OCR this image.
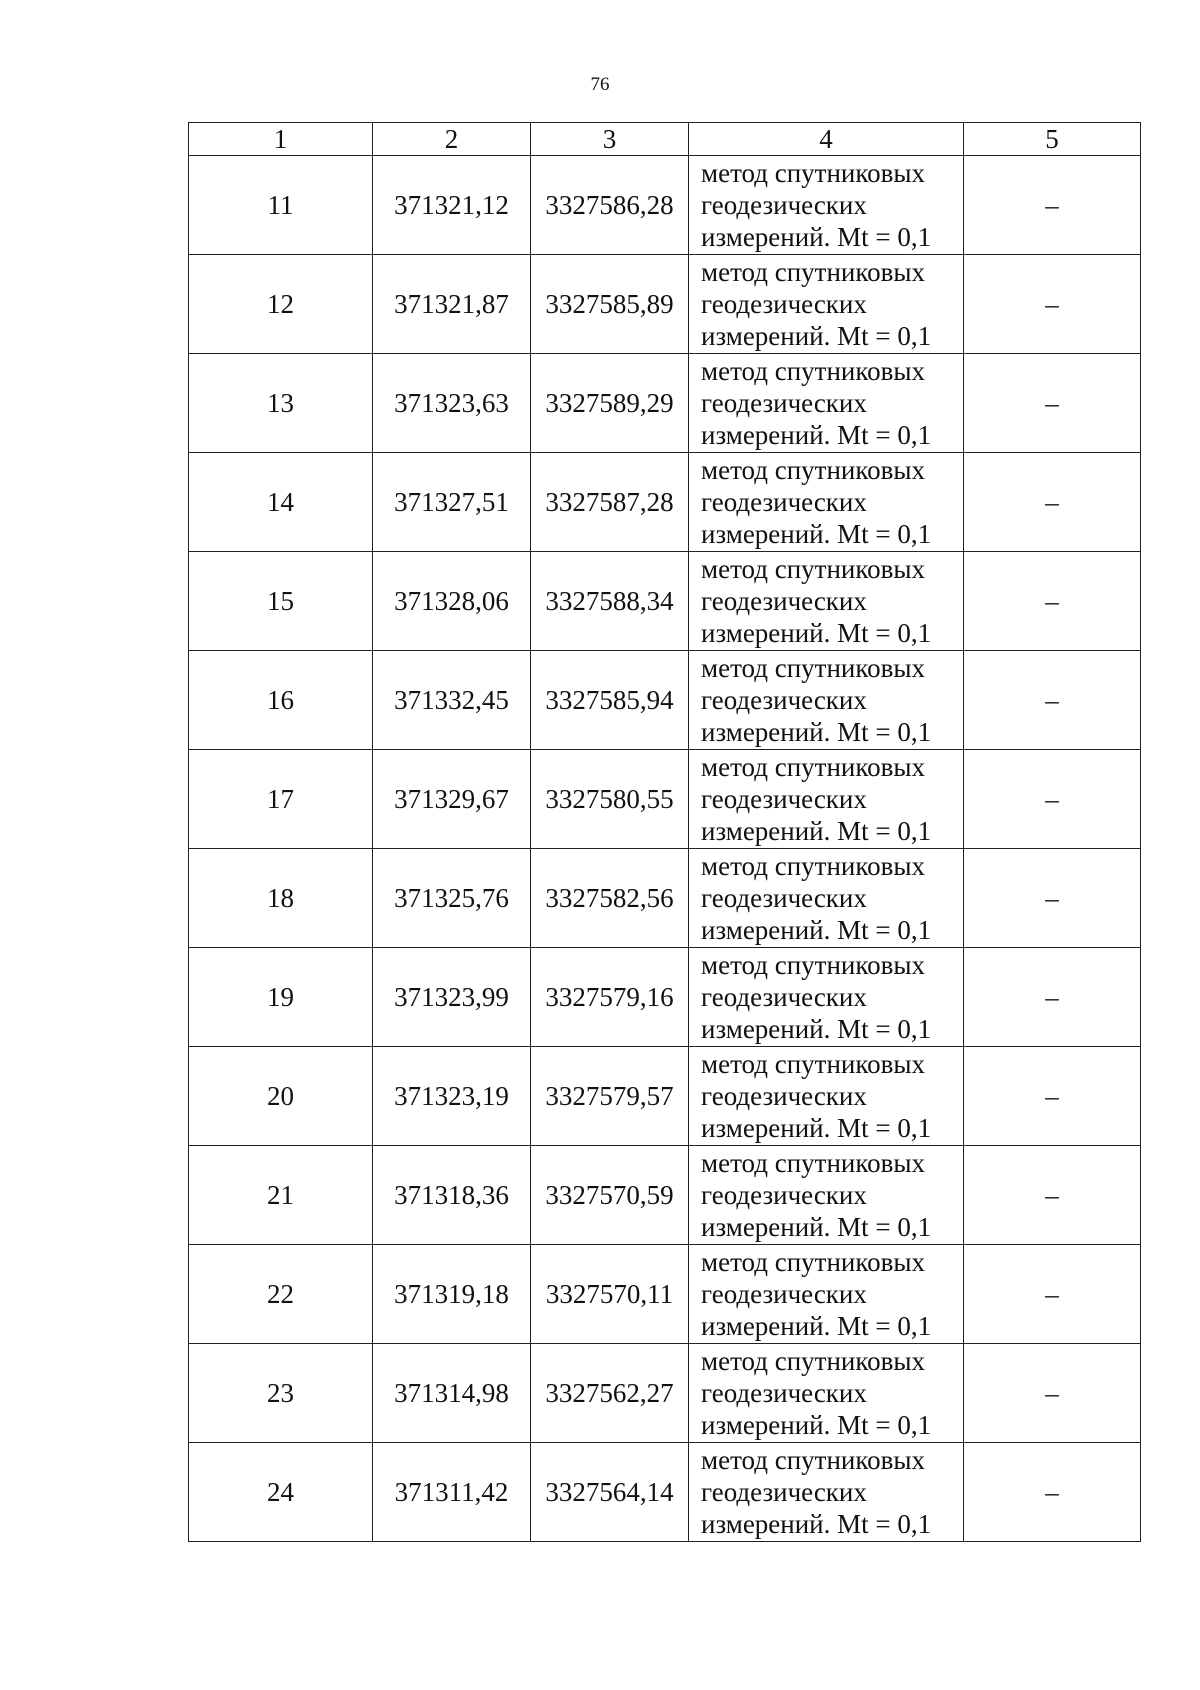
76
1	2	3	4	5
11	371321,12	3327586,28	метод спутниковых
геодезических
измерений. Mt = 0,1	–
12	371321,87	3327585,89	метод спутниковых
геодезических
измерений. Mt = 0,1	–
13	371323,63	3327589,29	метод спутниковых
геодезических
измерений. Mt = 0,1	–
14	371327,51	3327587,28	метод спутниковых
геодезических
измерений. Mt = 0,1	–
15	371328,06	3327588,34	метод спутниковых
геодезических
измерений. Mt = 0,1	–
16	371332,45	3327585,94	метод спутниковых
геодезических
измерений. Mt = 0,1	–
17	371329,67	3327580,55	метод спутниковых
геодезических
измерений. Mt = 0,1	–
18	371325,76	3327582,56	метод спутниковых
геодезических
измерений. Mt = 0,1	–
19	371323,99	3327579,16	метод спутниковых
геодезических
измерений. Mt = 0,1	–
20	371323,19	3327579,57	метод спутниковых
геодезических
измерений. Mt = 0,1	–
21	371318,36	3327570,59	метод спутниковых
геодезических
измерений. Mt = 0,1	–
22	371319,18	3327570,11	метод спутниковых
геодезических
измерений. Mt = 0,1	–
23	371314,98	3327562,27	метод спутниковых
геодезических
измерений. Mt = 0,1	–
24	371311,42	3327564,14	метод спутниковых
геодезических
измерений. Mt = 0,1	–
